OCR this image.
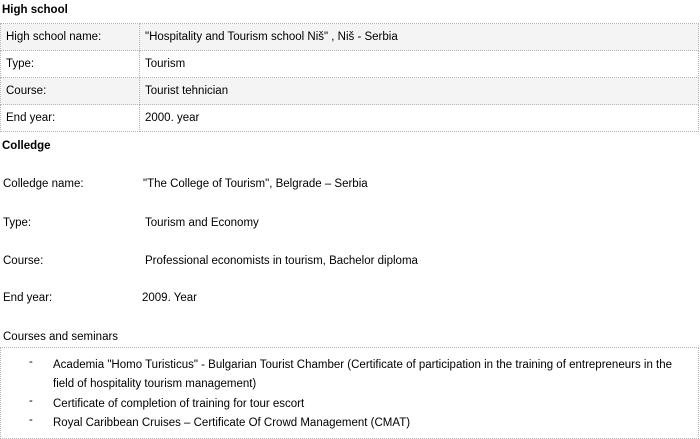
High school
High school name:	"Hospitality and Tourism school Niš" , Niš - Serbia
Type:	Tourism
Course:	Tourist tehnician
End year:	2000. year
Colledge
Colledge name:	"The College of Tourism", Belgrade – Serbia
Type:	Tourism and Economy
Course:	Professional economists in tourism, Bachelor diploma
End year:	2009. Year
Courses and seminars
- Academia "Homo Turisticus" - Bulgarian Tourist Chamber (Certificate of participation in the training of entrepreneurs in the field of hospitality tourism management)
- Certificate of completion of training for tour escort
- Royal Caribbean Cruises – Certificate Of Crowd Management (CMAT)
